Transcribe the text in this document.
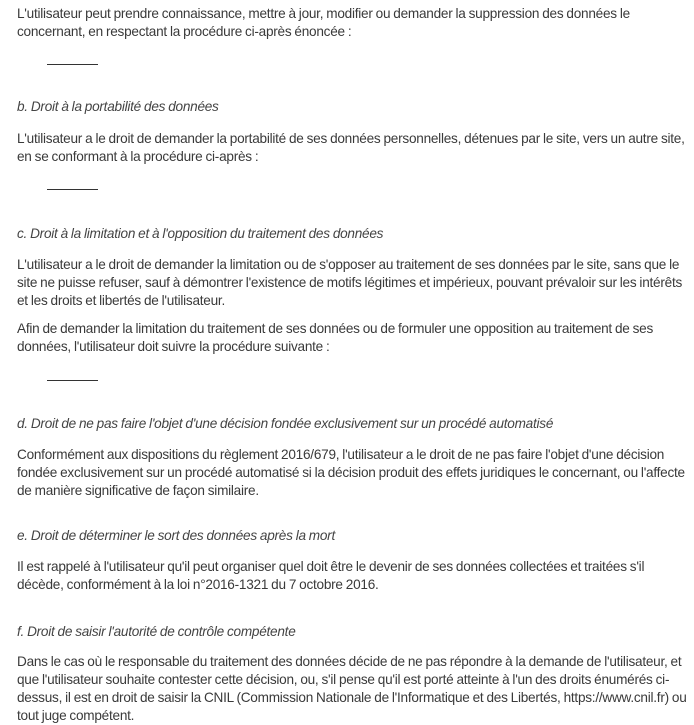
L'utilisateur peut prendre connaissance, mettre à jour, modifier ou demander la suppression des données le concernant, en respectant la procédure ci-après énoncée :

b. Droit à la portabilité des données

L'utilisateur a le droit de demander la portabilité de ses données personnelles, détenues par le site, vers un autre site, en se conformant à la procédure ci-après :

c. Droit à la limitation et à l'opposition du traitement des données

L'utilisateur a le droit de demander la limitation ou de s'opposer au traitement de ses données par le site, sans que le site ne puisse refuser, sauf à démontrer l'existence de motifs légitimes et impérieux, pouvant prévaloir sur les intérêts et les droits et libertés de l'utilisateur.

Afin de demander la limitation du traitement de ses données ou de formuler une opposition au traitement de ses données, l'utilisateur doit suivre la procédure suivante :

d. Droit de ne pas faire l'objet d'une décision fondée exclusivement sur un procédé automatisé

Conformément aux dispositions du règlement 2016/679, l'utilisateur a le droit de ne pas faire l'objet d'une décision fondée exclusivement sur un procédé automatisé si la décision produit des effets juridiques le concernant, ou l'affecte de manière significative de façon similaire.

e. Droit de déterminer le sort des données après la mort

Il est rappelé à l'utilisateur qu'il peut organiser quel doit être le devenir de ses données collectées et traitées s'il décède, conformément à la loi n°2016-1321 du 7 octobre 2016.

f. Droit de saisir l'autorité de contrôle compétente

Dans le cas où le responsable du traitement des données décide de ne pas répondre à la demande de l'utilisateur, et que l'utilisateur souhaite contester cette décision, ou, s'il pense qu'il est porté atteinte à l'un des droits énumérés ci-dessus, il est en droit de saisir la CNIL (Commission Nationale de l'Informatique et des Libertés, https://www.cnil.fr) ou tout juge compétent.
